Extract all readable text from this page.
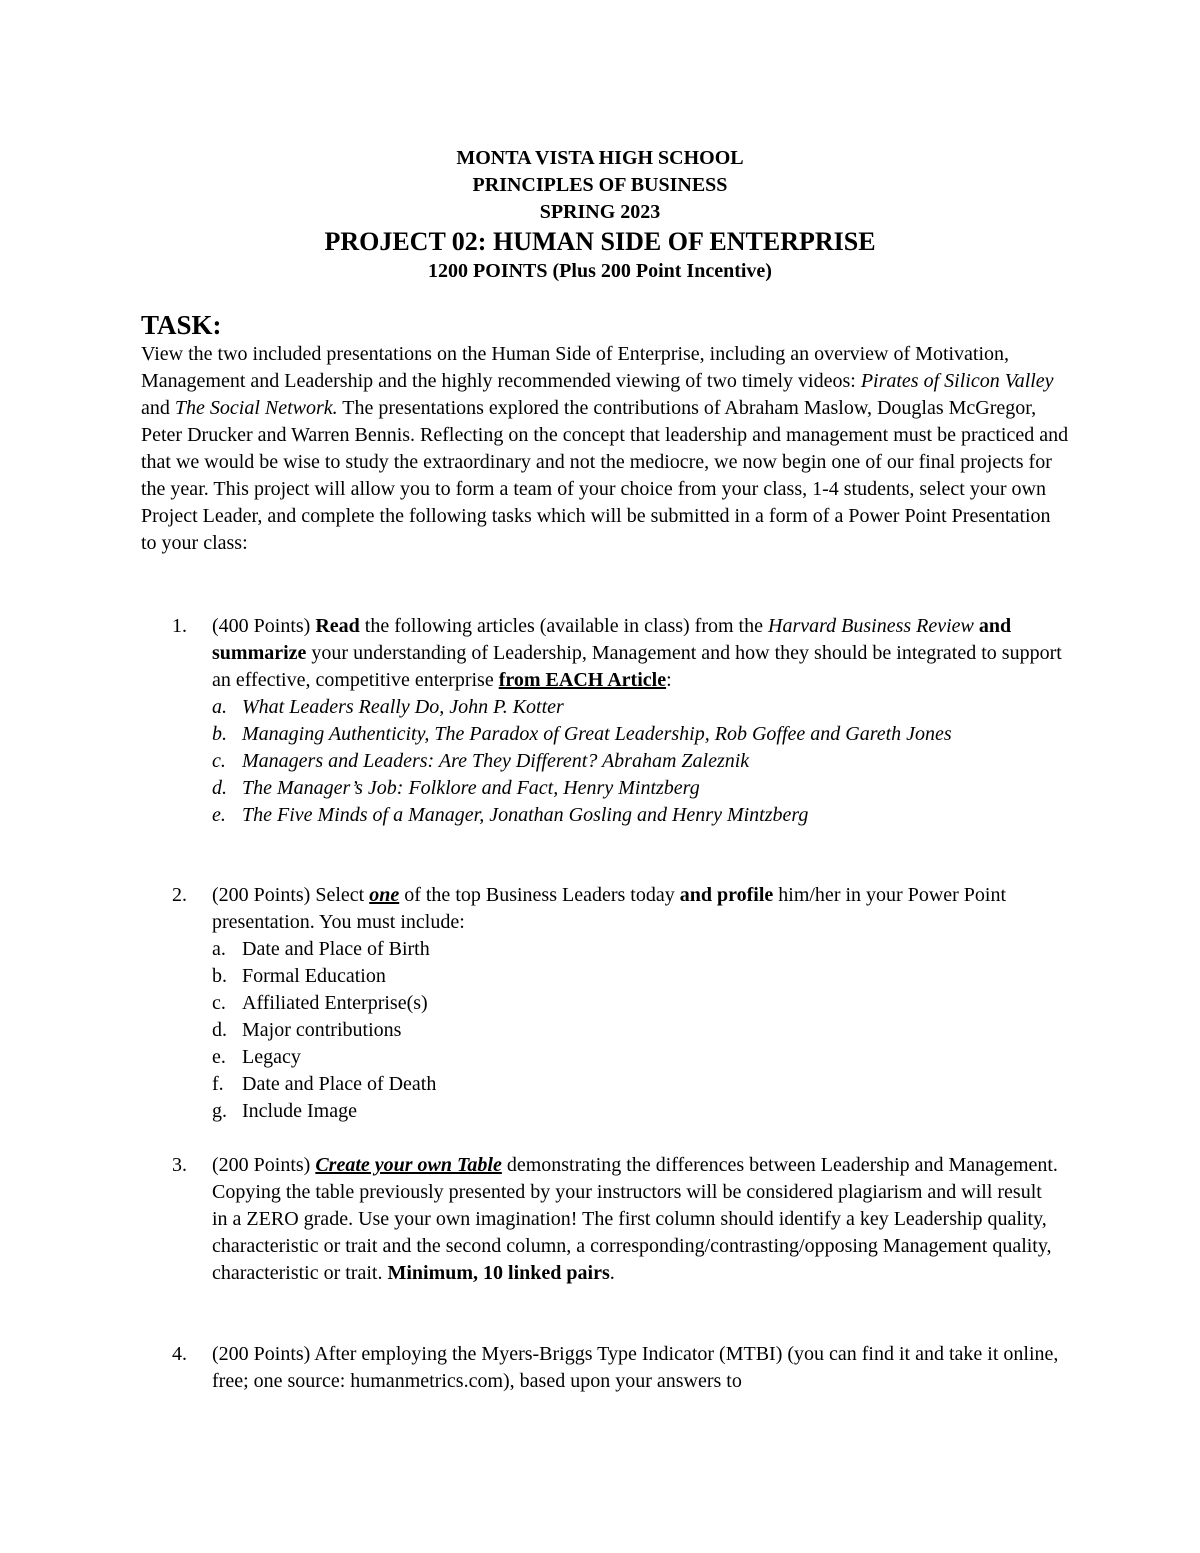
MONTA VISTA HIGH SCHOOL
PRINCIPLES OF BUSINESS
SPRING 2023
PROJECT 02: HUMAN SIDE OF ENTERPRISE
1200 POINTS (Plus 200 Point Incentive)
TASK:

View the two included presentations on the Human Side of Enterprise, including an overview of Motivation, Management and Leadership and the highly recommended viewing of two timely videos: Pirates of Silicon Valley and The Social Network. The presentations explored the contributions of Abraham Maslow, Douglas McGregor, Peter Drucker and Warren Bennis. Reflecting on the concept that leadership and management must be practiced and that we would be wise to study the extraordinary and not the mediocre, we now begin one of our final projects for the year. This project will allow you to form a team of your choice from your class, 1-4 students, select your own Project Leader, and complete the following tasks which will be submitted in a form of a Power Point Presentation to your class:

1. (400 Points) Read the following articles (available in class) from the Harvard Business Review and summarize your understanding of Leadership, Management and how they should be integrated to support an effective, competitive enterprise from EACH Article:
a. What Leaders Really Do, John P. Kotter
b. Managing Authenticity, The Paradox of Great Leadership, Rob Goffee and Gareth Jones
c. Managers and Leaders: Are They Different? Abraham Zaleznik
d. The Manager’s Job: Folklore and Fact, Henry Mintzberg
e. The Five Minds of a Manager, Jonathan Gosling and Henry Mintzberg
2. (200 Points) Select one of the top Business Leaders today and profile him/her in your Power Point presentation. You must include:
a. Date and Place of Birth
b. Formal Education
c. Affiliated Enterprise(s)
d. Major contributions
e. Legacy
f. Date and Place of Death
g. Include Image
3. (200 Points) Create your own Table demonstrating the differences between Leadership and Management. Copying the table previously presented by your instructors will be considered plagiarism and will result in a ZERO grade. Use your own imagination! The first column should identify a key Leadership quality, characteristic or trait and the second column, a corresponding/contrasting/opposing Management quality, characteristic or trait. Minimum, 10 linked pairs.
4. (200 Points) After employing the Myers-Briggs Type Indicator (MTBI) (you can find it and take it online, free; one source: humanmetrics.com), based upon your answers to
